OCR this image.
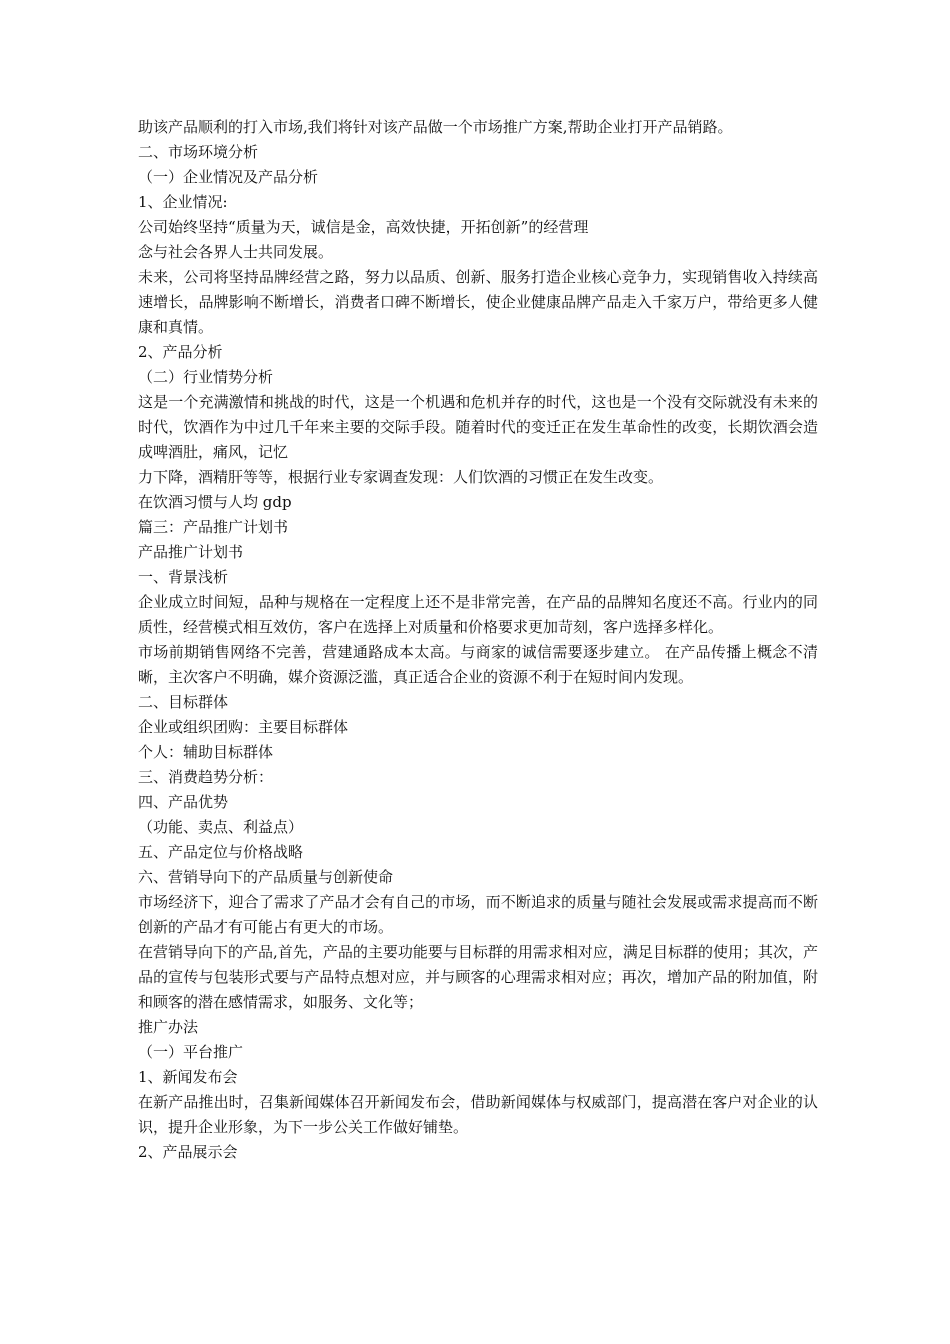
助该产品顺利的打入市场,我们将针对该产品做一个市场推广方案,帮助企业打开产品销路。
二、市场环境分析
（一）企业情况及产品分析
1、企业情况:
公司始终坚持“质量为天，诚信是金，高效快捷，开拓创新”的经营理
念与社会各界人士共同发展。
未来，公司将坚持品牌经营之路，努力以品质、创新、服务打造企业核心竞争力，实现销售收入持续高速增长，品牌影响不断增长，消费者口碑不断增长，使企业健康品牌产品走入千家万户，带给更多人健康和真情。
2、产品分析
（二）行业情势分析
这是一个充满激情和挑战的时代，这是一个机遇和危机并存的时代，这也是一个没有交际就没有未来的时代，饮酒作为中过几千年来主要的交际手段。随着时代的变迁正在发生革命性的改变，长期饮酒会造成啤酒肚，痛风，记忆
力下降，酒精肝等等，根据行业专家调查发现：人们饮酒的习惯正在发生改变。
在饮酒习惯与人均 gdp
篇三：产品推广计划书
产品推广计划书
一、背景浅析
企业成立时间短，品种与规格在一定程度上还不是非常完善，在产品的品牌知名度还不高。行业内的同质性，经营模式相互效仿，客户在选择上对质量和价格要求更加苛刻，客户选择多样化。
市场前期销售网络不完善，营建通路成本太高。与商家的诚信需要逐步建立。 在产品传播上概念不清晰，主次客户不明确，媒介资源泛滥，真正适合企业的资源不利于在短时间内发现。
二、目标群体
企业或组织团购：主要目标群体
个人：辅助目标群体
三、消费趋势分析：
四、产品优势
（功能、卖点、利益点）
五、产品定位与价格战略
六、营销导向下的产品质量与创新使命
市场经济下，迎合了需求了产品才会有自己的市场，而不断追求的质量与随社会发展或需求提高而不断创新的产品才有可能占有更大的市场。
在营销导向下的产品,首先，产品的主要功能要与目标群的用需求相对应，满足目标群的使用；其次，产品的宣传与包装形式要与产品特点想对应，并与顾客的心理需求相对应；再次，增加产品的附加值，附和顾客的潜在感情需求，如服务、文化等；
推广办法
（一）平台推广
1、新闻发布会
在新产品推出时，召集新闻媒体召开新闻发布会，借助新闻媒体与权威部门，提高潜在客户对企业的认识，提升企业形象，为下一步公关工作做好铺垫。
2、产品展示会
